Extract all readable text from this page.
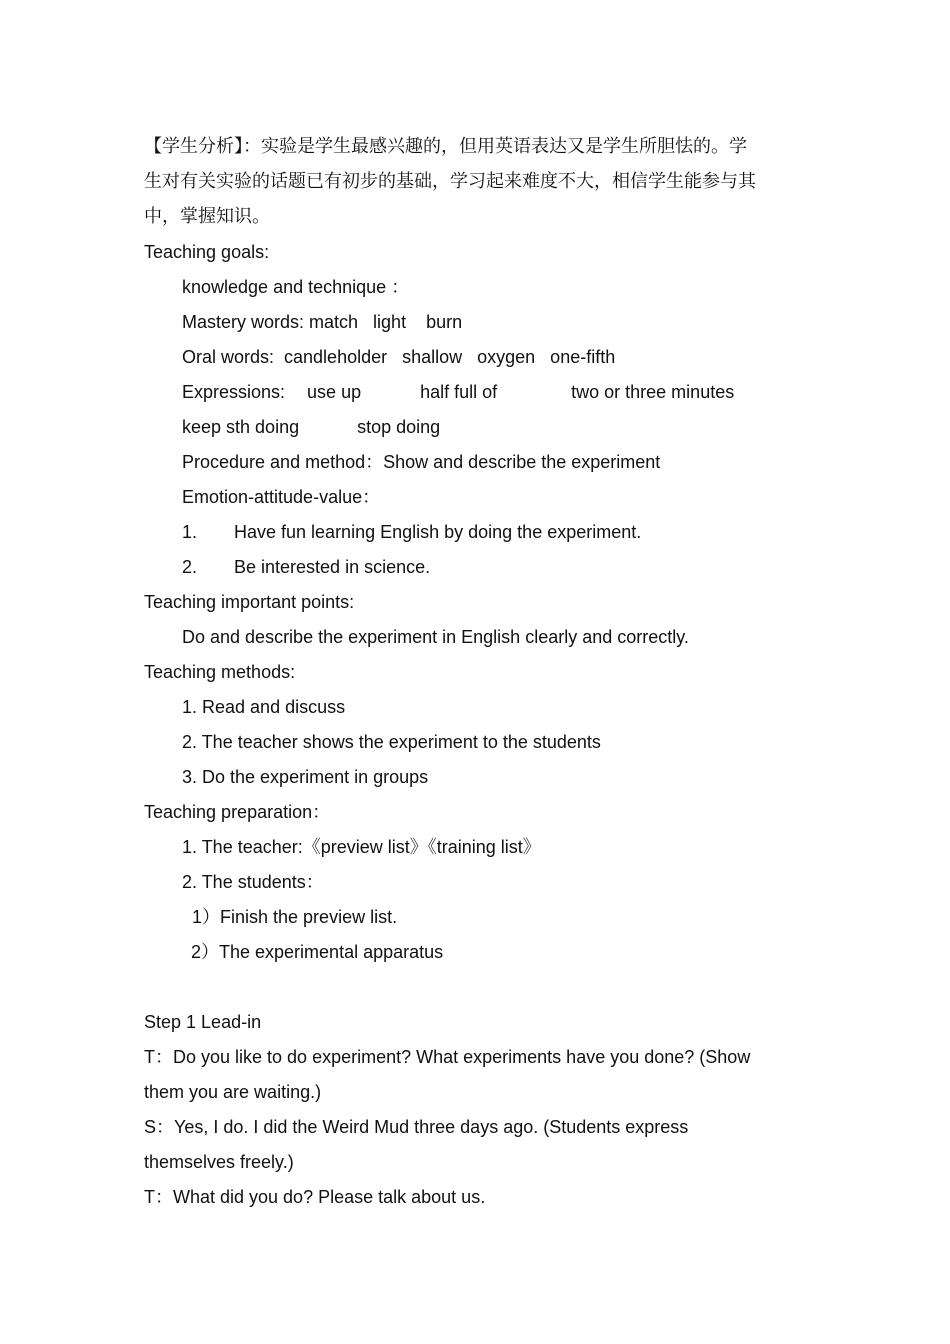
【学生分析】：实验是学生最感兴趣的，但用英语表达又是学生所胆怯的。学
生对有关实验的话题已有初步的基础，学习起来难度不大，相信学生能参与其
中，掌握知识。
Teaching goals:
knowledge and technique ：
Mastery words: match   light    burn
Oral words:  candleholder   shallow   oxygen   one-fifth
Expressions: use up	half full of	two or three minutes
keep sth doing	stop doing
Procedure and method：Show and describe the experiment
Emotion-attitude-value：
1. Have fun learning English by doing the experiment.
2. Be interested in science.
Teaching important points:
Do and describe the experiment in English clearly and correctly.
Teaching methods:
1. Read and discuss
2. The teacher shows the experiment to the students
3. Do the experiment in groups
Teaching preparation：
1. The teacher:《preview list》《training list》
2. The students：
1）Finish the preview list.
2）The experimental apparatus
Step 1 Lead-in
T：Do you like to do experiment? What experiments have you done? (Show
them you are waiting.)
S：Yes, I do. I did the Weird Mud three days ago. (Students express
themselves freely.)
T：What did you do? Please talk about us.
